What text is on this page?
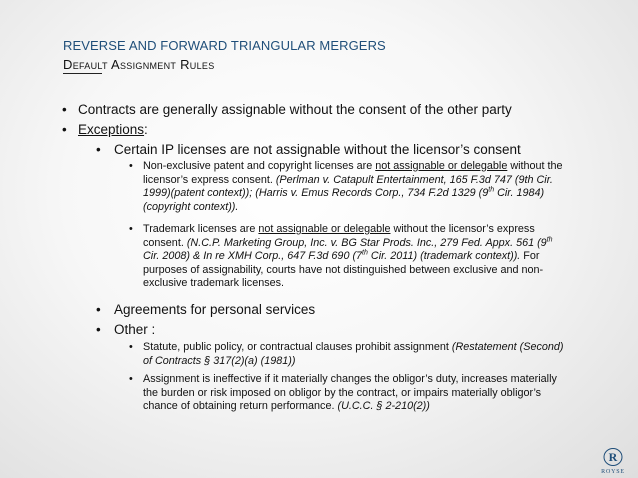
REVERSE AND FORWARD TRIANGULAR MERGERS
Default Assignment Rules
• Contracts are generally assignable without the consent of the other party
• Exceptions:
• Certain IP licenses are not assignable without the licensor’s consent
• Non-exclusive patent and copyright licenses are not assignable or delegable without the licensor’s express consent. (Perlman v. Catapult Entertainment, 165 F.3d 747 (9th Cir. 1999)(patent context)); (Harris v. Emus Records Corp., 734 F.2d 1329 (9th Cir. 1984)(copyright context)).
• Trademark licenses are not assignable or delegable without the licensor’s express consent. (N.C.P. Marketing Group, Inc. v. BG Star Prods. Inc., 279 Fed. Appx. 561 (9th Cir. 2008) & In re XMH Corp., 647 F.3d 690 (7th Cir. 2011) (trademark context)). For purposes of assignability, courts have not distinguished between exclusive and non-exclusive trademark licenses.
• Agreements for personal services
• Other :
• Statute, public policy, or contractual clauses prohibit assignment (Restatement (Second) of Contracts § 317(2)(a) (1981))
• Assignment is ineffective if it materially changes the obligor’s duty, increases materially the burden or risk imposed on obligor by the contract, or impairs materially obligor’s chance of obtaining return performance. (U.C.C. § 2-210(2))
R
ROYSE
